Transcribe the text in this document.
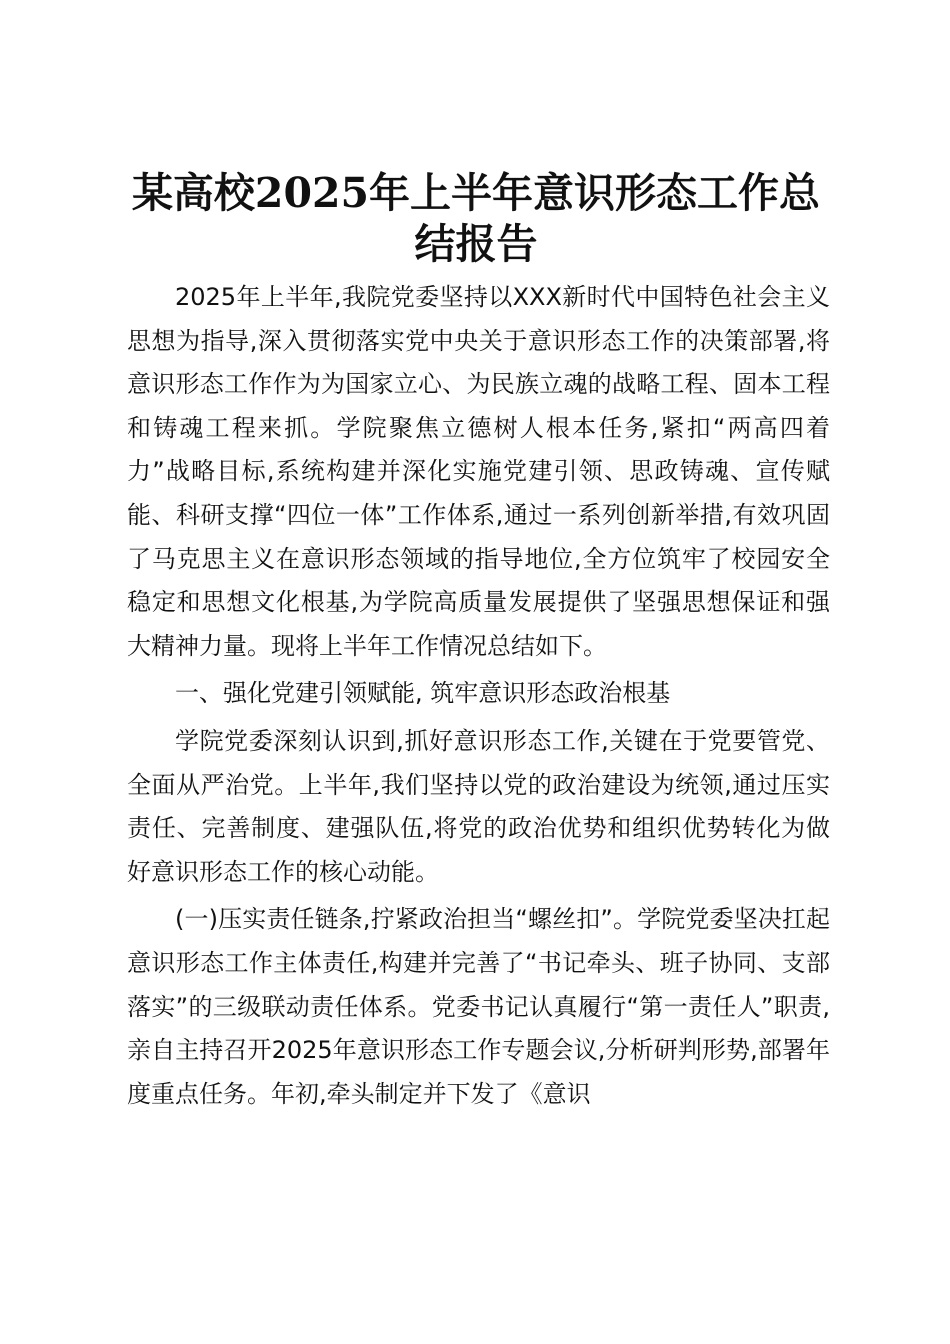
某高校2025年上半年意识形态工作总结报告

2025年上半年,我院党委坚持以XXX新时代中国特色社会主义思想为指导,深入贯彻落实党中央关于意识形态工作的决策部署,将意识形态工作作为为国家立心、为民族立魂的战略工程、固本工程和铸魂工程来抓。学院聚焦立德树人根本任务,紧扣“两高四着力”战略目标,系统构建并深化实施党建引领、思政铸魂、宣传赋能、科研支撑“四位一体”工作体系,通过一系列创新举措,有效巩固了马克思主义在意识形态领域的指导地位,全方位筑牢了校园安全稳定和思想文化根基,为学院高质量发展提供了坚强思想保证和强大精神力量。现将上半年工作情况总结如下。

一、强化党建引领赋能, 筑牢意识形态政治根基

学院党委深刻认识到,抓好意识形态工作,关键在于党要管党、全面从严治党。上半年,我们坚持以党的政治建设为统领,通过压实责任、完善制度、建强队伍,将党的政治优势和组织优势转化为做好意识形态工作的核心动能。

(一)压实责任链条,拧紧政治担当“螺丝扣”。学院党委坚决扛起意识形态工作主体责任,构建并完善了“书记牵头、班子协同、支部落实”的三级联动责任体系。党委书记认真履行“第一责任人”职责,亲自主持召开2025年意识形态工作专题会议,分析研判形势,部署年度重点任务。年初,牵头制定并下发了《意识
